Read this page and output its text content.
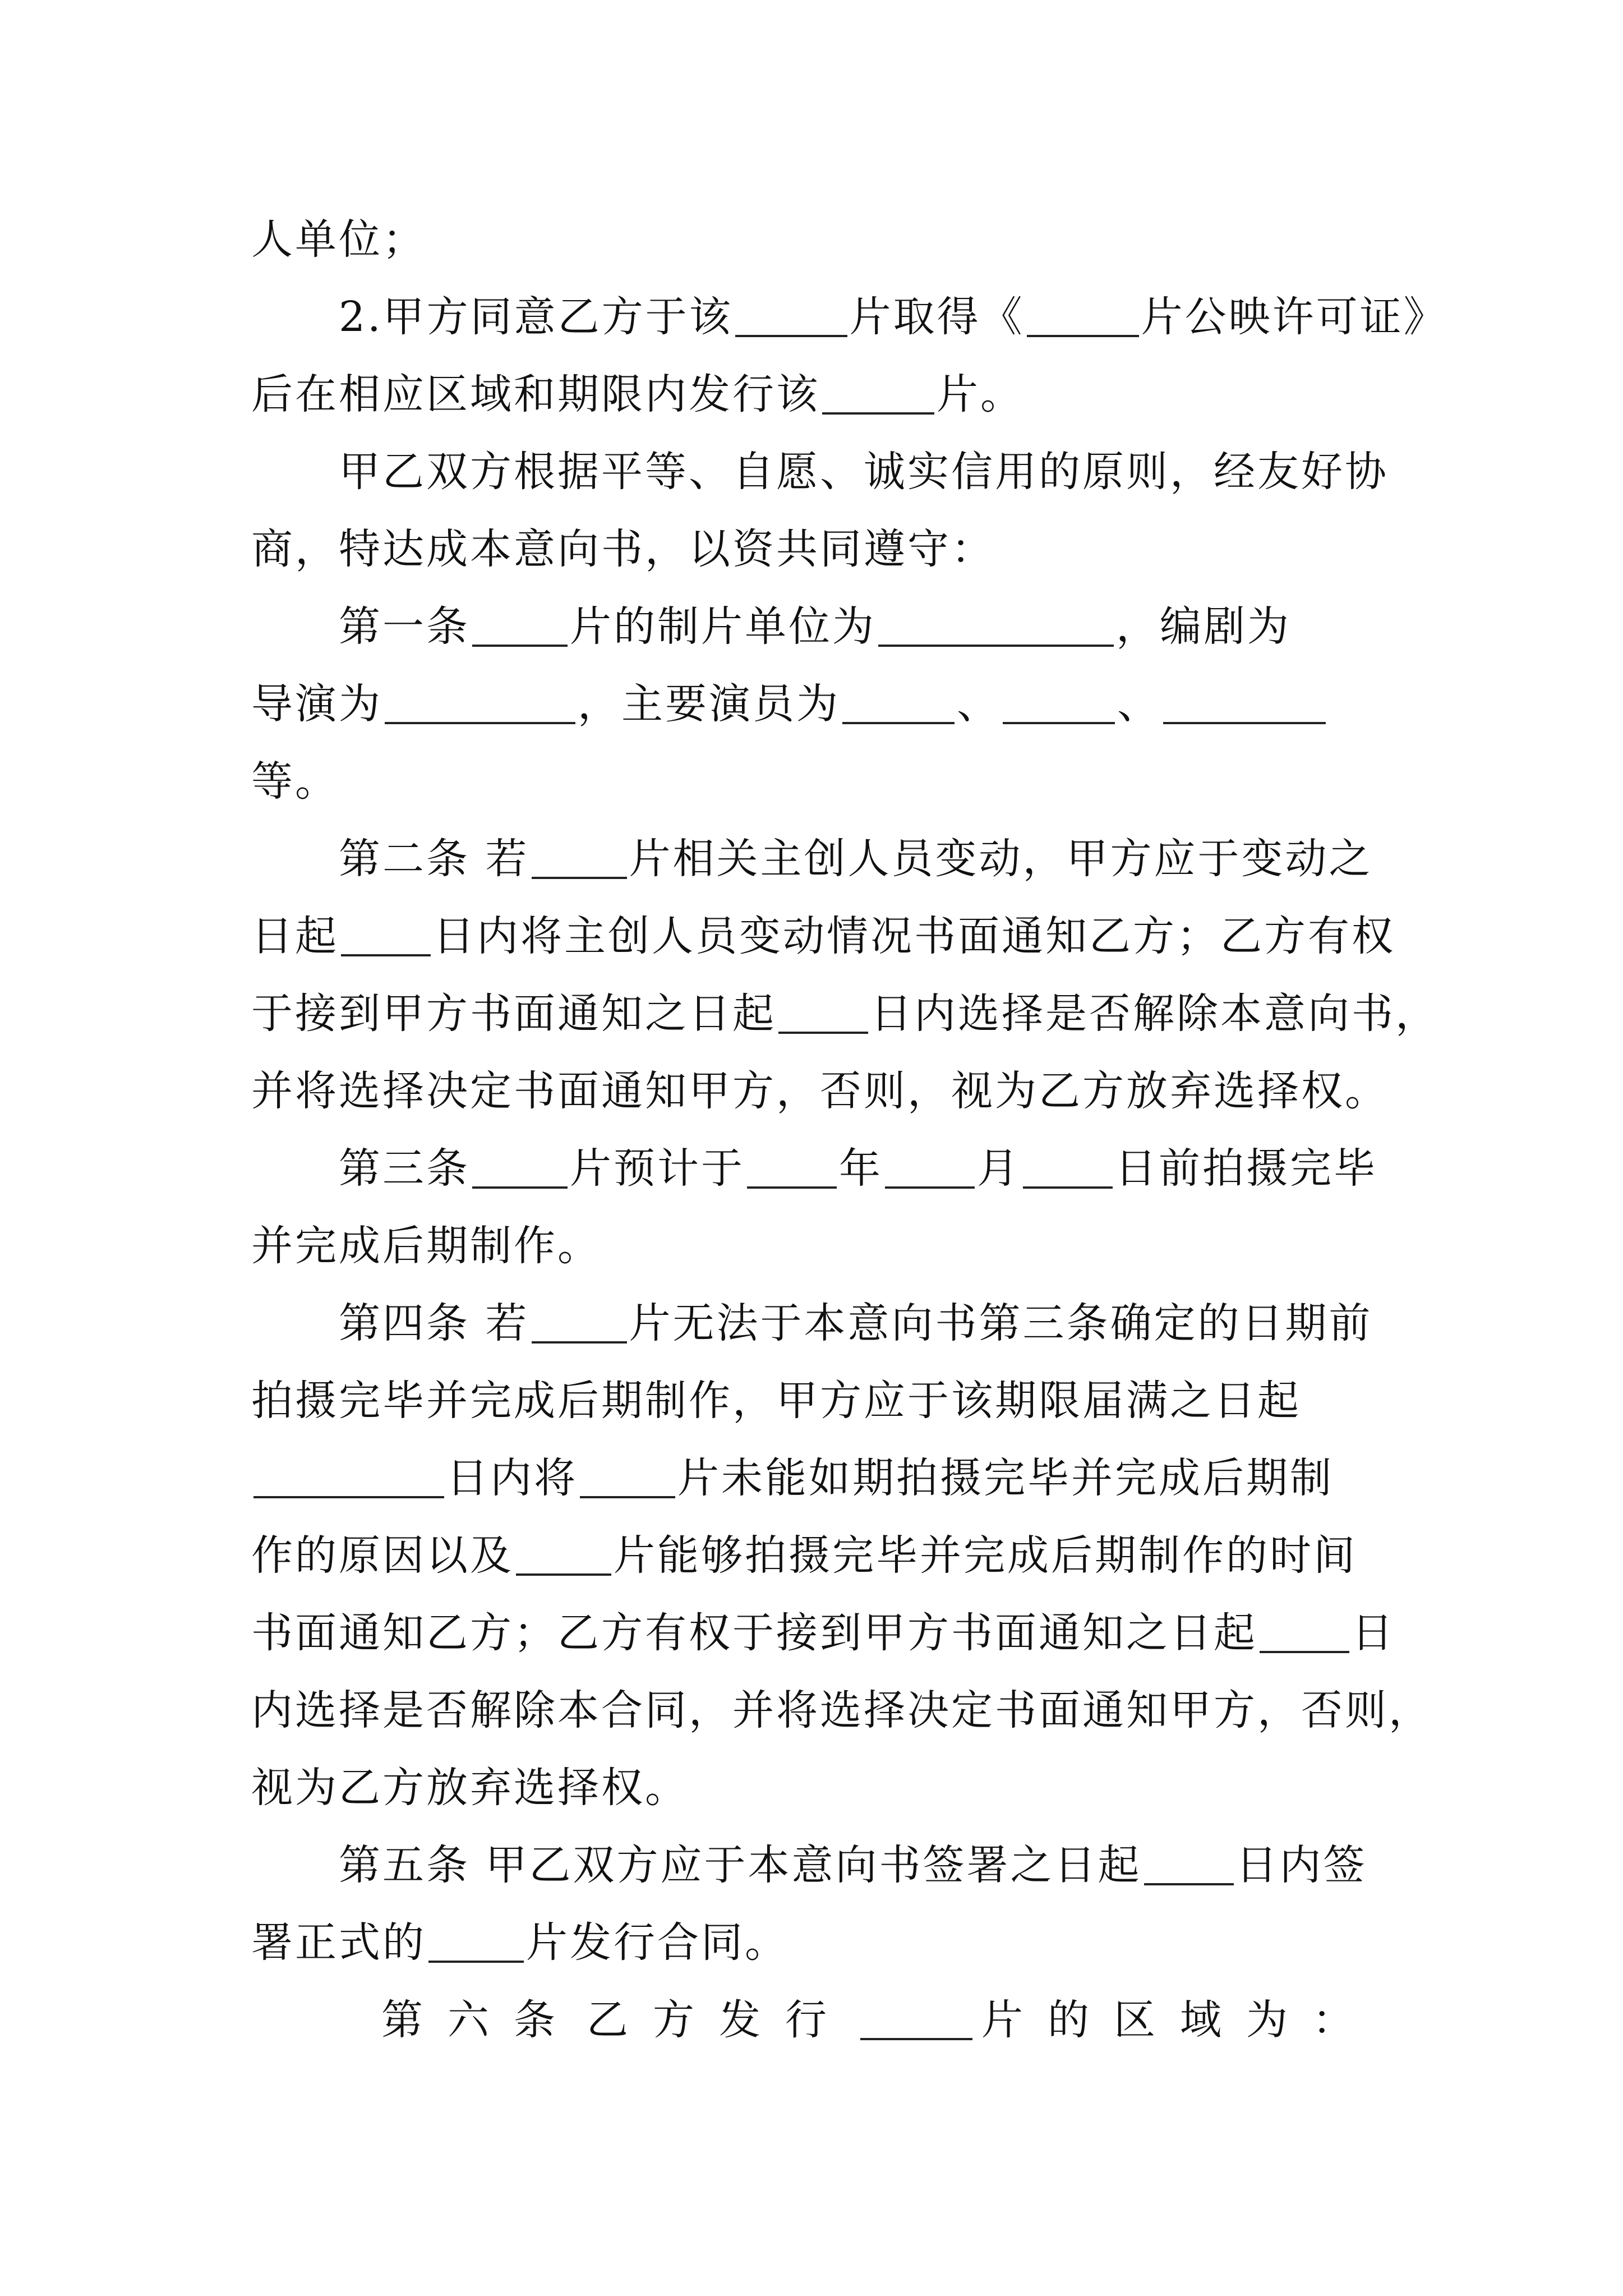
人单位；
2.甲方同意乙方于该	片取得《	片公映许可证》
后在相应区域和期限内发行该	片。
甲乙双方根据平等、自愿、诚实信用的原则，经友好协
商，特达成本意向书，以资共同遵守：
第一条 片的制片单位为	，编剧为
导演为	，主要演员为	、	、
等。
第二条 若 片相关主创人员变动，甲方应于变动之
日起 日内将主创人员变动情况书面通知乙方；乙方有权
于接到甲方书面通知之日起 日内选择是否解除本意向书，
并将选择决定书面通知甲方，否则，视为乙方放弃选择权。
第三条 片预计于 年 月 日前拍摄完毕
并完成后期制作。
第四条 若 片无法于本意向书第三条确定的日期前
拍摄完毕并完成后期制作，甲方应于该期限届满之日起
日内将 片未能如期拍摄完毕并完成后期制
作的原因以及 片能够拍摄完毕并完成后期制作的时间
书面通知乙方；乙方有权于接到甲方书面通知之日起 日
内选择是否解除本合同，并将选择决定书面通知甲方，否则，
视为乙方放弃选择权。
第五条 甲乙双方应于本意向书签署之日起 日内签
署正式的 片发行合同。
第六条 乙方发行	片的区域为：
